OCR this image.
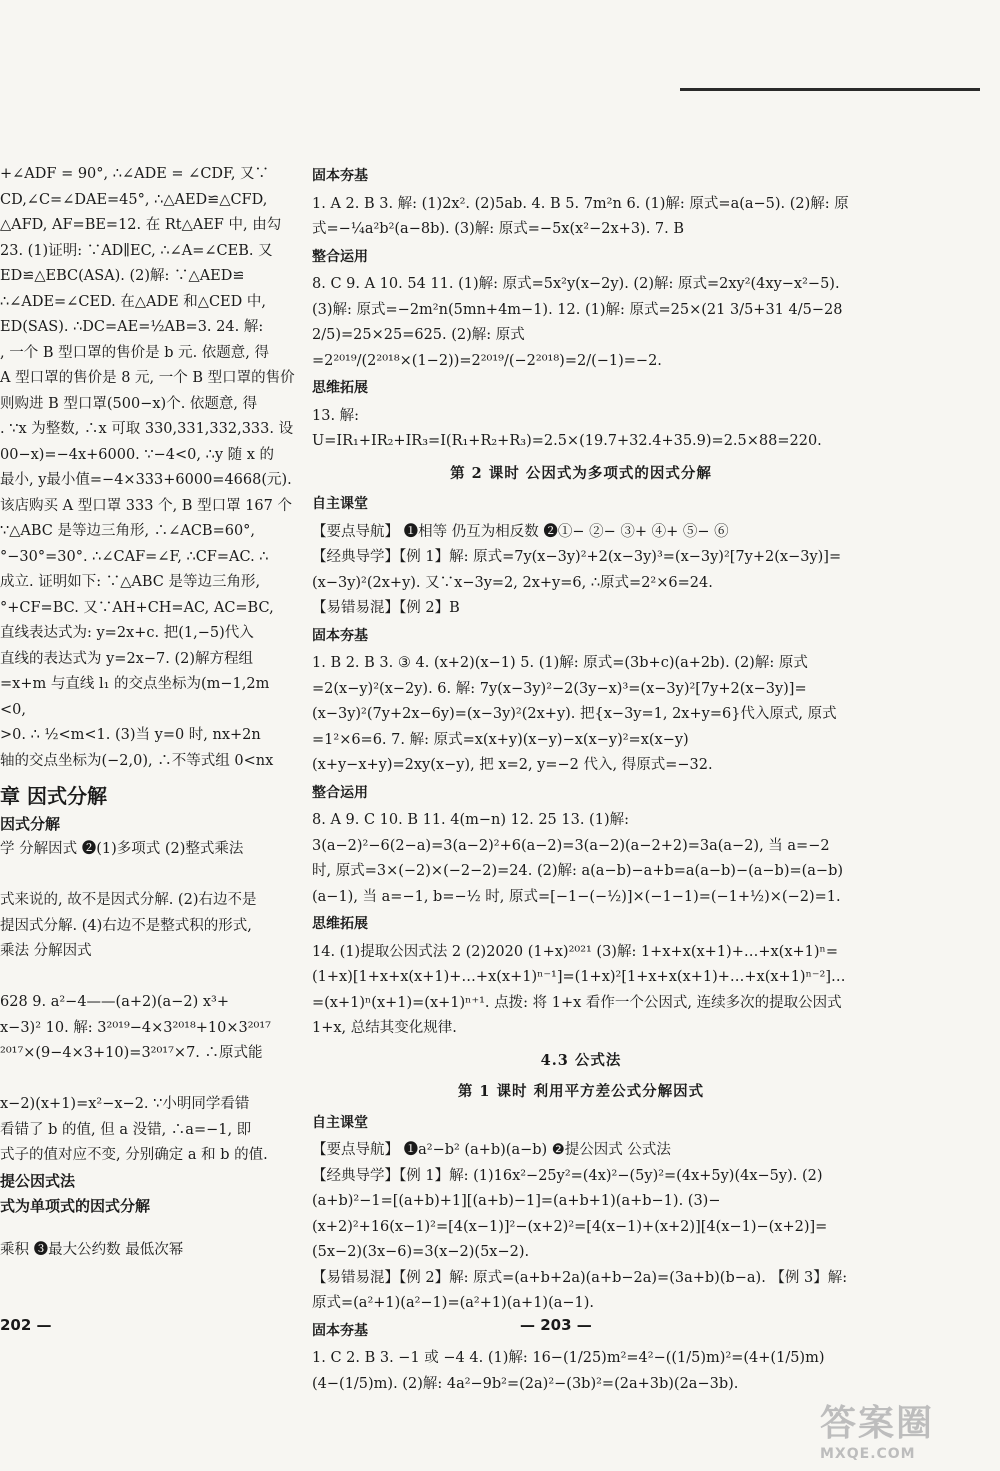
+∠ADF = 90°, ∴∠ADE = ∠CDF, 又∵
CD,∠C=∠DAE=45°, ∴△AED≌△CFD,
△AFD, AF=BE=12. 在 Rt△AEF 中, 由勾
23. (1)证明: ∵AD∥EC, ∴∠A=∠CEB. 又
ED≌△EBC(ASA). (2)解: ∵△AED≌
∴∠ADE=∠CED. 在△ADE 和△CED 中,
ED(SAS). ∴DC=AE=½AB=3. 24. 解:
, 一个 B 型口罩的售价是 b 元. 依题意, 得
A 型口罩的售价是 8 元, 一个 B 型口罩的售价
则购进 B 型口罩(500−x)个. 依题意, 得
. ∵x 为整数, ∴x 可取 330,331,332,333. 设
00−x)=−4x+6000. ∵−4<0, ∴y 随 x 的
最小, y最小值=−4×333+6000=4668(元).
该店购买 A 型口罩 333 个, B 型口罩 167 个
∵△ABC 是等边三角形, ∴∠ACB=60°,
°−30°=30°. ∴∠CAF=∠F, ∴CF=AC. ∴
成立. 证明如下: ∵△ABC 是等边三角形,
°+CF=BC. 又∵AH+CH=AC, AC=BC,
直线表达式为: y=2x+c. 把(1,−5)代入
直线的表达式为 y=2x−7. (2)解方程组
=x+m 与直线 l₁ 的交点坐标为(m−1,2m
<0,
>0. ∴ ½<m<1. (3)当 y=0 时, nx+2n
轴的交点坐标为(−2,0), ∴不等式组 0<nx
章 因式分解
因式分解
学 分解因式 ❷(1)多项式 (2)整式乘法

式来说的, 故不是因式分解. (2)右边不是
提因式分解. (4)右边不是整式积的形式,
乘法 分解因式

628 9. a²−4——(a+2)(a−2) x³+
x−3)² 10. 解: 3²⁰¹⁹−4×3²⁰¹⁸+10×3²⁰¹⁷
²⁰¹⁷×(9−4×3+10)=3²⁰¹⁷×7. ∴原式能

x−2)(x+1)=x²−x−2. ∵小明同学看错
看错了 b 的值, 但 a 没错, ∴a=−1, 即
式子的值对应不变, 分别确定 a 和 b 的值.
提公因式法
式为单项式的因式分解
乘积 ❸最大公约数 最低次幂
固本夯基
1. A 2. B 3. 解: (1)2x². (2)5ab. 4. B 5. 7m²n 6. (1)解: 原式=a(a−5). (2)解: 原式=−¼a²b²(a−8b). (3)解: 原式=−5x(x²−2x+3). 7. B
整合运用
8. C 9. A 10. 54 11. (1)解: 原式=5x²y(x−2y). (2)解: 原式=2xy²(4xy−x²−5). (3)解: 原式=−2m²n(5mn+4m−1). 12. (1)解: 原式=25×(21 3/5+31 4/5−28 2/5)=25×25=625. (2)解: 原式=2²⁰¹⁹/(2²⁰¹⁸×(1−2))=2²⁰¹⁹/(−2²⁰¹⁸)=2/(−1)=−2.
思维拓展
13. 解: U=IR₁+IR₂+IR₃=I(R₁+R₂+R₃)=2.5×(19.7+32.4+35.9)=2.5×88=220.
第 2 课时 公因式为多项式的因式分解
自主课堂
【要点导航】 ❶相等 仍互为相反数 ❷①− ②− ③+ ④+ ⑤− ⑥
【经典导学】【例 1】解: 原式=7y(x−3y)²+2(x−3y)³=(x−3y)²[7y+2(x−3y)]=(x−3y)²(2x+y). 又∵x−3y=2, 2x+y=6, ∴原式=2²×6=24.
【易错易混】【例 2】B
固本夯基
1. B 2. B 3. ③ 4. (x+2)(x−1) 5. (1)解: 原式=(3b+c)(a+2b). (2)解: 原式=2(x−y)²(x−2y). 6. 解: 7y(x−3y)²−2(3y−x)³=(x−3y)²[7y+2(x−3y)]=(x−3y)²(7y+2x−6y)=(x−3y)²(2x+y). 把{x−3y=1, 2x+y=6}代入原式, 原式=1²×6=6. 7. 解: 原式=x(x+y)(x−y)−x(x−y)²=x(x−y)(x+y−x+y)=2xy(x−y), 把 x=2, y=−2 代入, 得原式=−32.
整合运用
8. A 9. C 10. B 11. 4(m−n) 12. 25 13. (1)解: 3(a−2)²−6(2−a)=3(a−2)²+6(a−2)=3(a−2)(a−2+2)=3a(a−2), 当 a=−2 时, 原式=3×(−2)×(−2−2)=24. (2)解: a(a−b)−a+b=a(a−b)−(a−b)=(a−b)(a−1), 当 a=−1, b=−½ 时, 原式=[−1−(−½)]×(−1−1)=(−1+½)×(−2)=1.
思维拓展
14. (1)提取公因式法 2 (2)2020 (1+x)²⁰²¹ (3)解: 1+x+x(x+1)+…+x(x+1)ⁿ=(1+x)[1+x+x(x+1)+…+x(x+1)ⁿ⁻¹]=(1+x)²[1+x+x(x+1)+…+x(x+1)ⁿ⁻²]…=(x+1)ⁿ(x+1)=(x+1)ⁿ⁺¹. 点拨: 将 1+x 看作一个公因式, 连续多次的提取公因式 1+x, 总结其变化规律.
4.3 公式法
第 1 课时 利用平方差公式分解因式
自主课堂
【要点导航】 ❶a²−b² (a+b)(a−b) ❷提公因式 公式法
【经典导学】【例 1】解: (1)16x²−25y²=(4x)²−(5y)²=(4x+5y)(4x−5y). (2)(a+b)²−1=[(a+b)+1][(a+b)−1]=(a+b+1)(a+b−1). (3)−(x+2)²+16(x−1)²=[4(x−1)]²−(x+2)²=[4(x−1)+(x+2)][4(x−1)−(x+2)]=(5x−2)(3x−6)=3(x−2)(5x−2).
【易错易混】【例 2】解: 原式=(a+b+2a)(a+b−2a)=(3a+b)(b−a). 【例 3】解: 原式=(a²+1)(a²−1)=(a²+1)(a+1)(a−1).
固本夯基
1. C 2. B 3. −1 或 −4 4. (1)解: 16−(1/25)m²=4²−((1/5)m)²=(4+(1/5)m)(4−(1/5)m). (2)解: 4a²−9b²=(2a)²−(3b)²=(2a+3b)(2a−3b).
202 —	— 203 —
答案圈
MXQE.COM
